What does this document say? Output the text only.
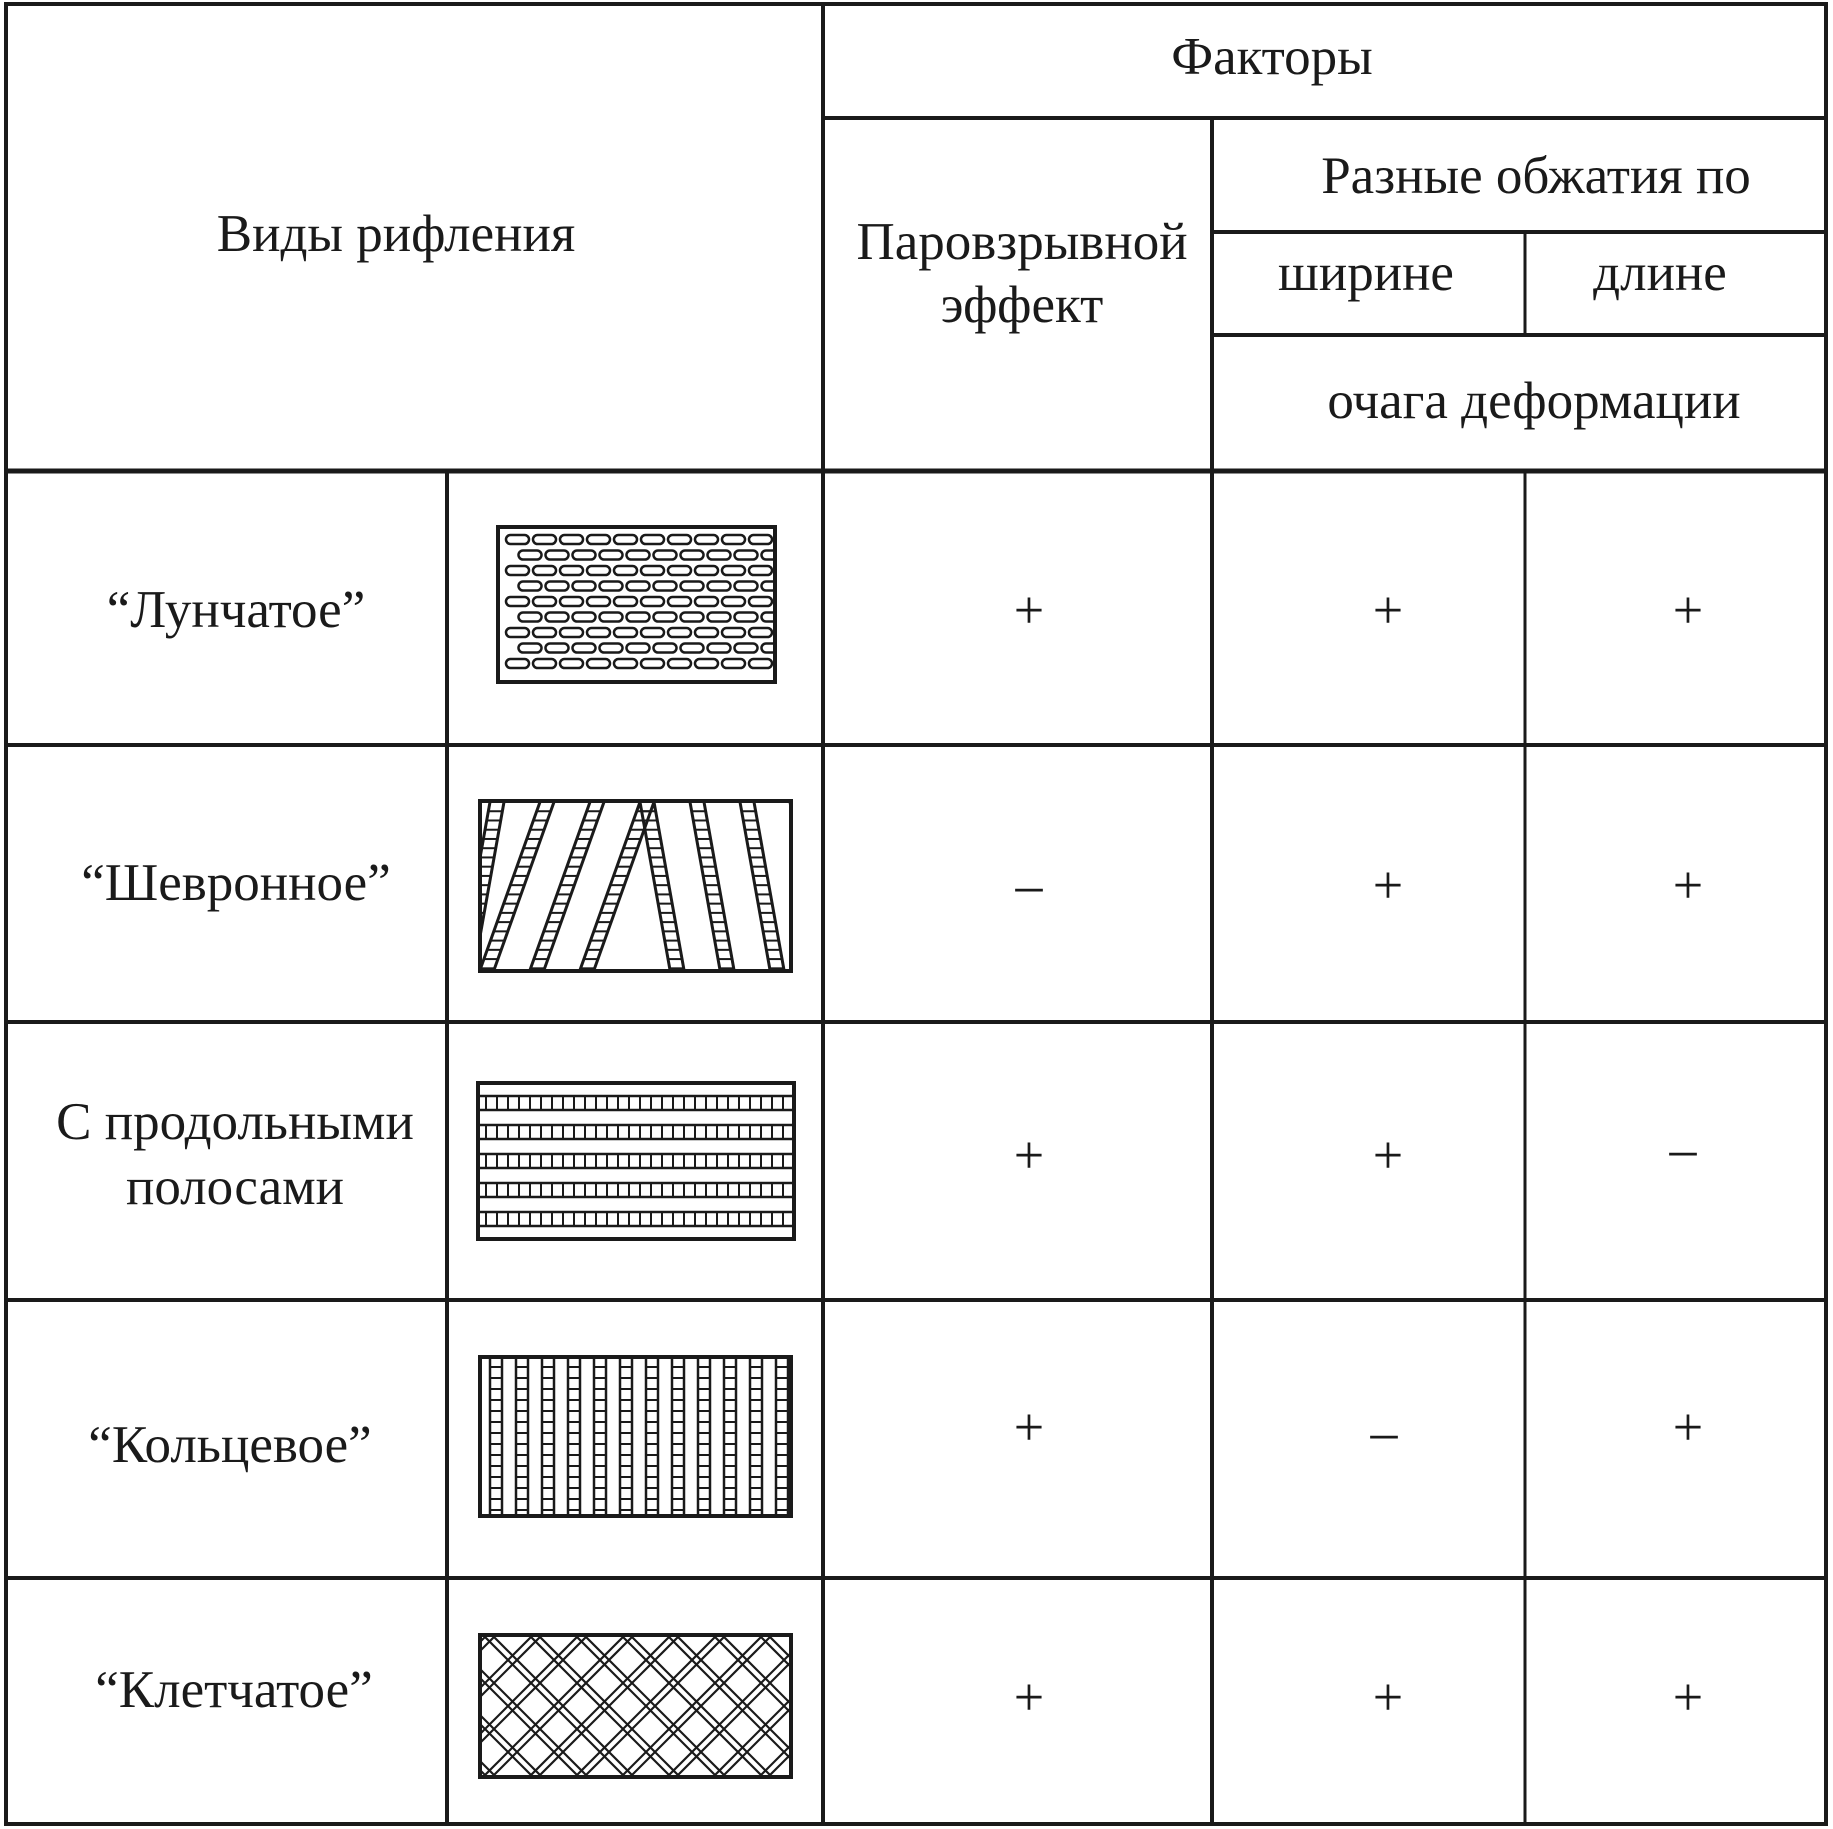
Виды рифления
Факторы
Паровзрывной
эффект
Разные обжатия по
ширине	длине
очага деформации
“Лунчатое”	+	+	+
“Шевронное”	–	+	+
С продольными
полосами
+	+	–
“Кольцевое”	+	–	+
“Клетчатое”	+	+	+
